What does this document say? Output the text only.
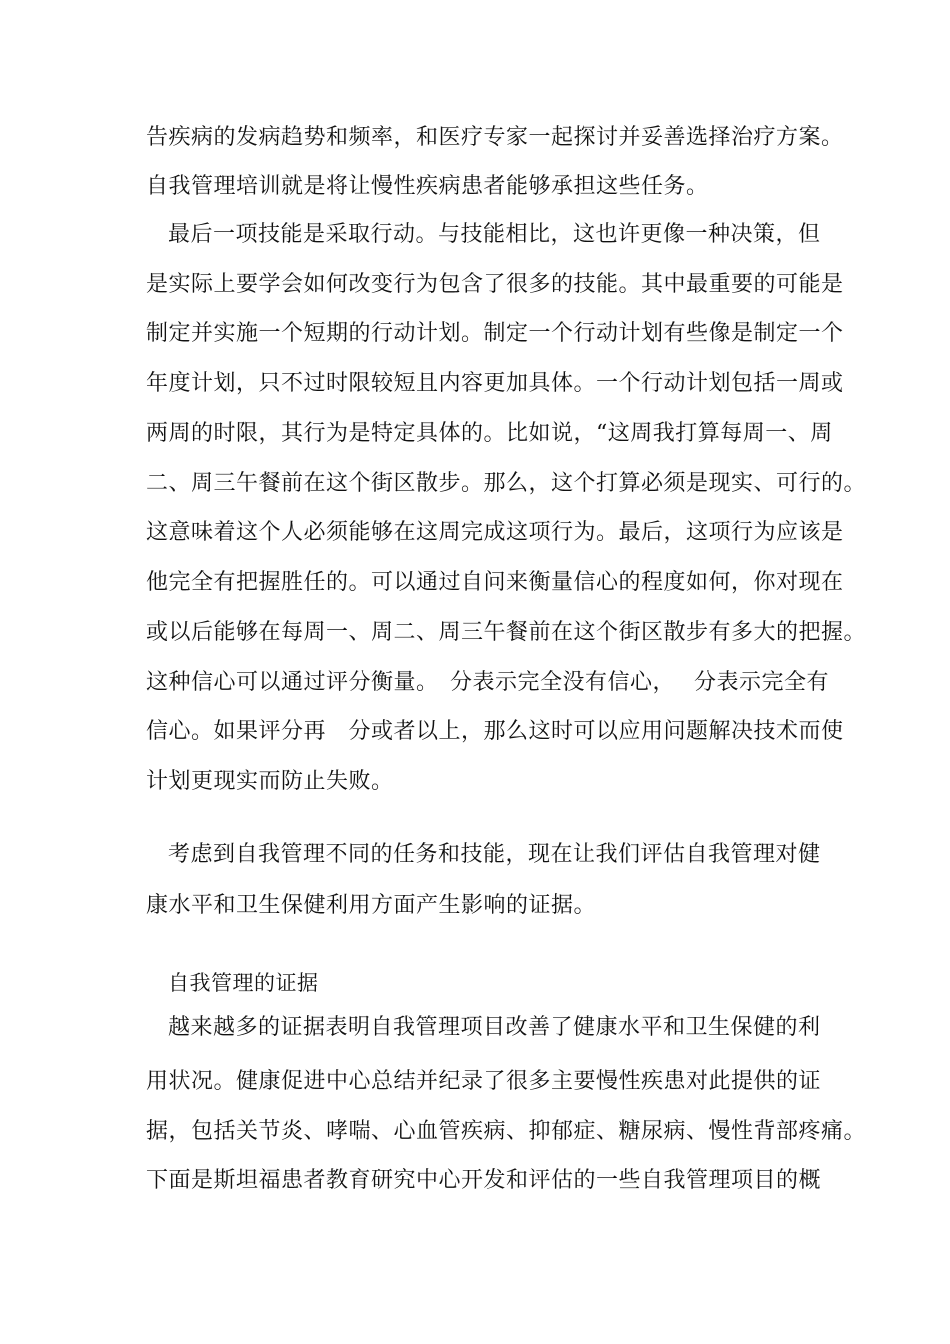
告疾病的发病趋势和频率，和医疗专家一起探讨并妥善选择治疗方案。
自我管理培训就是将让慢性疾病患者能够承担这些任务。
最后一项技能是采取行动。与技能相比，这也许更像一种决策，但
是实际上要学会如何改变行为包含了很多的技能。其中最重要的可能是
制定并实施一个短期的行动计划。制定一个行动计划有些像是制定一个
年度计划，只不过时限较短且内容更加具体。一个行动计划包括一周或
两周的时限，其行为是特定具体的。比如说，“这周我打算每周一、周
二、周三午餐前在这个街区散步。那么，这个打算必须是现实、可行的。
这意味着这个人必须能够在这周完成这项行为。最后，这项行为应该是
他完全有把握胜任的。可以通过自问来衡量信心的程度如何，你对现在
或以后能够在每周一、周二、周三午餐前在这个街区散步有多大的把握。
这种信心可以通过评分衡量。　分表示完全没有信心，　 分表示完全有
信心。如果评分再　分或者以上，那么这时可以应用问题解决技术而使
计划更现实而防止失败。
考虑到自我管理不同的任务和技能，现在让我们评估自我管理对健
康水平和卫生保健利用方面产生影响的证据。
自我管理的证据
越来越多的证据表明自我管理项目改善了健康水平和卫生保健的利
用状况。健康促进中心总结并纪录了很多主要慢性疾患对此提供的证
据，包括关节炎、哮喘、心血管疾病、抑郁症、糖尿病、慢性背部疼痛。
下面是斯坦福患者教育研究中心开发和评估的一些自我管理项目的概
